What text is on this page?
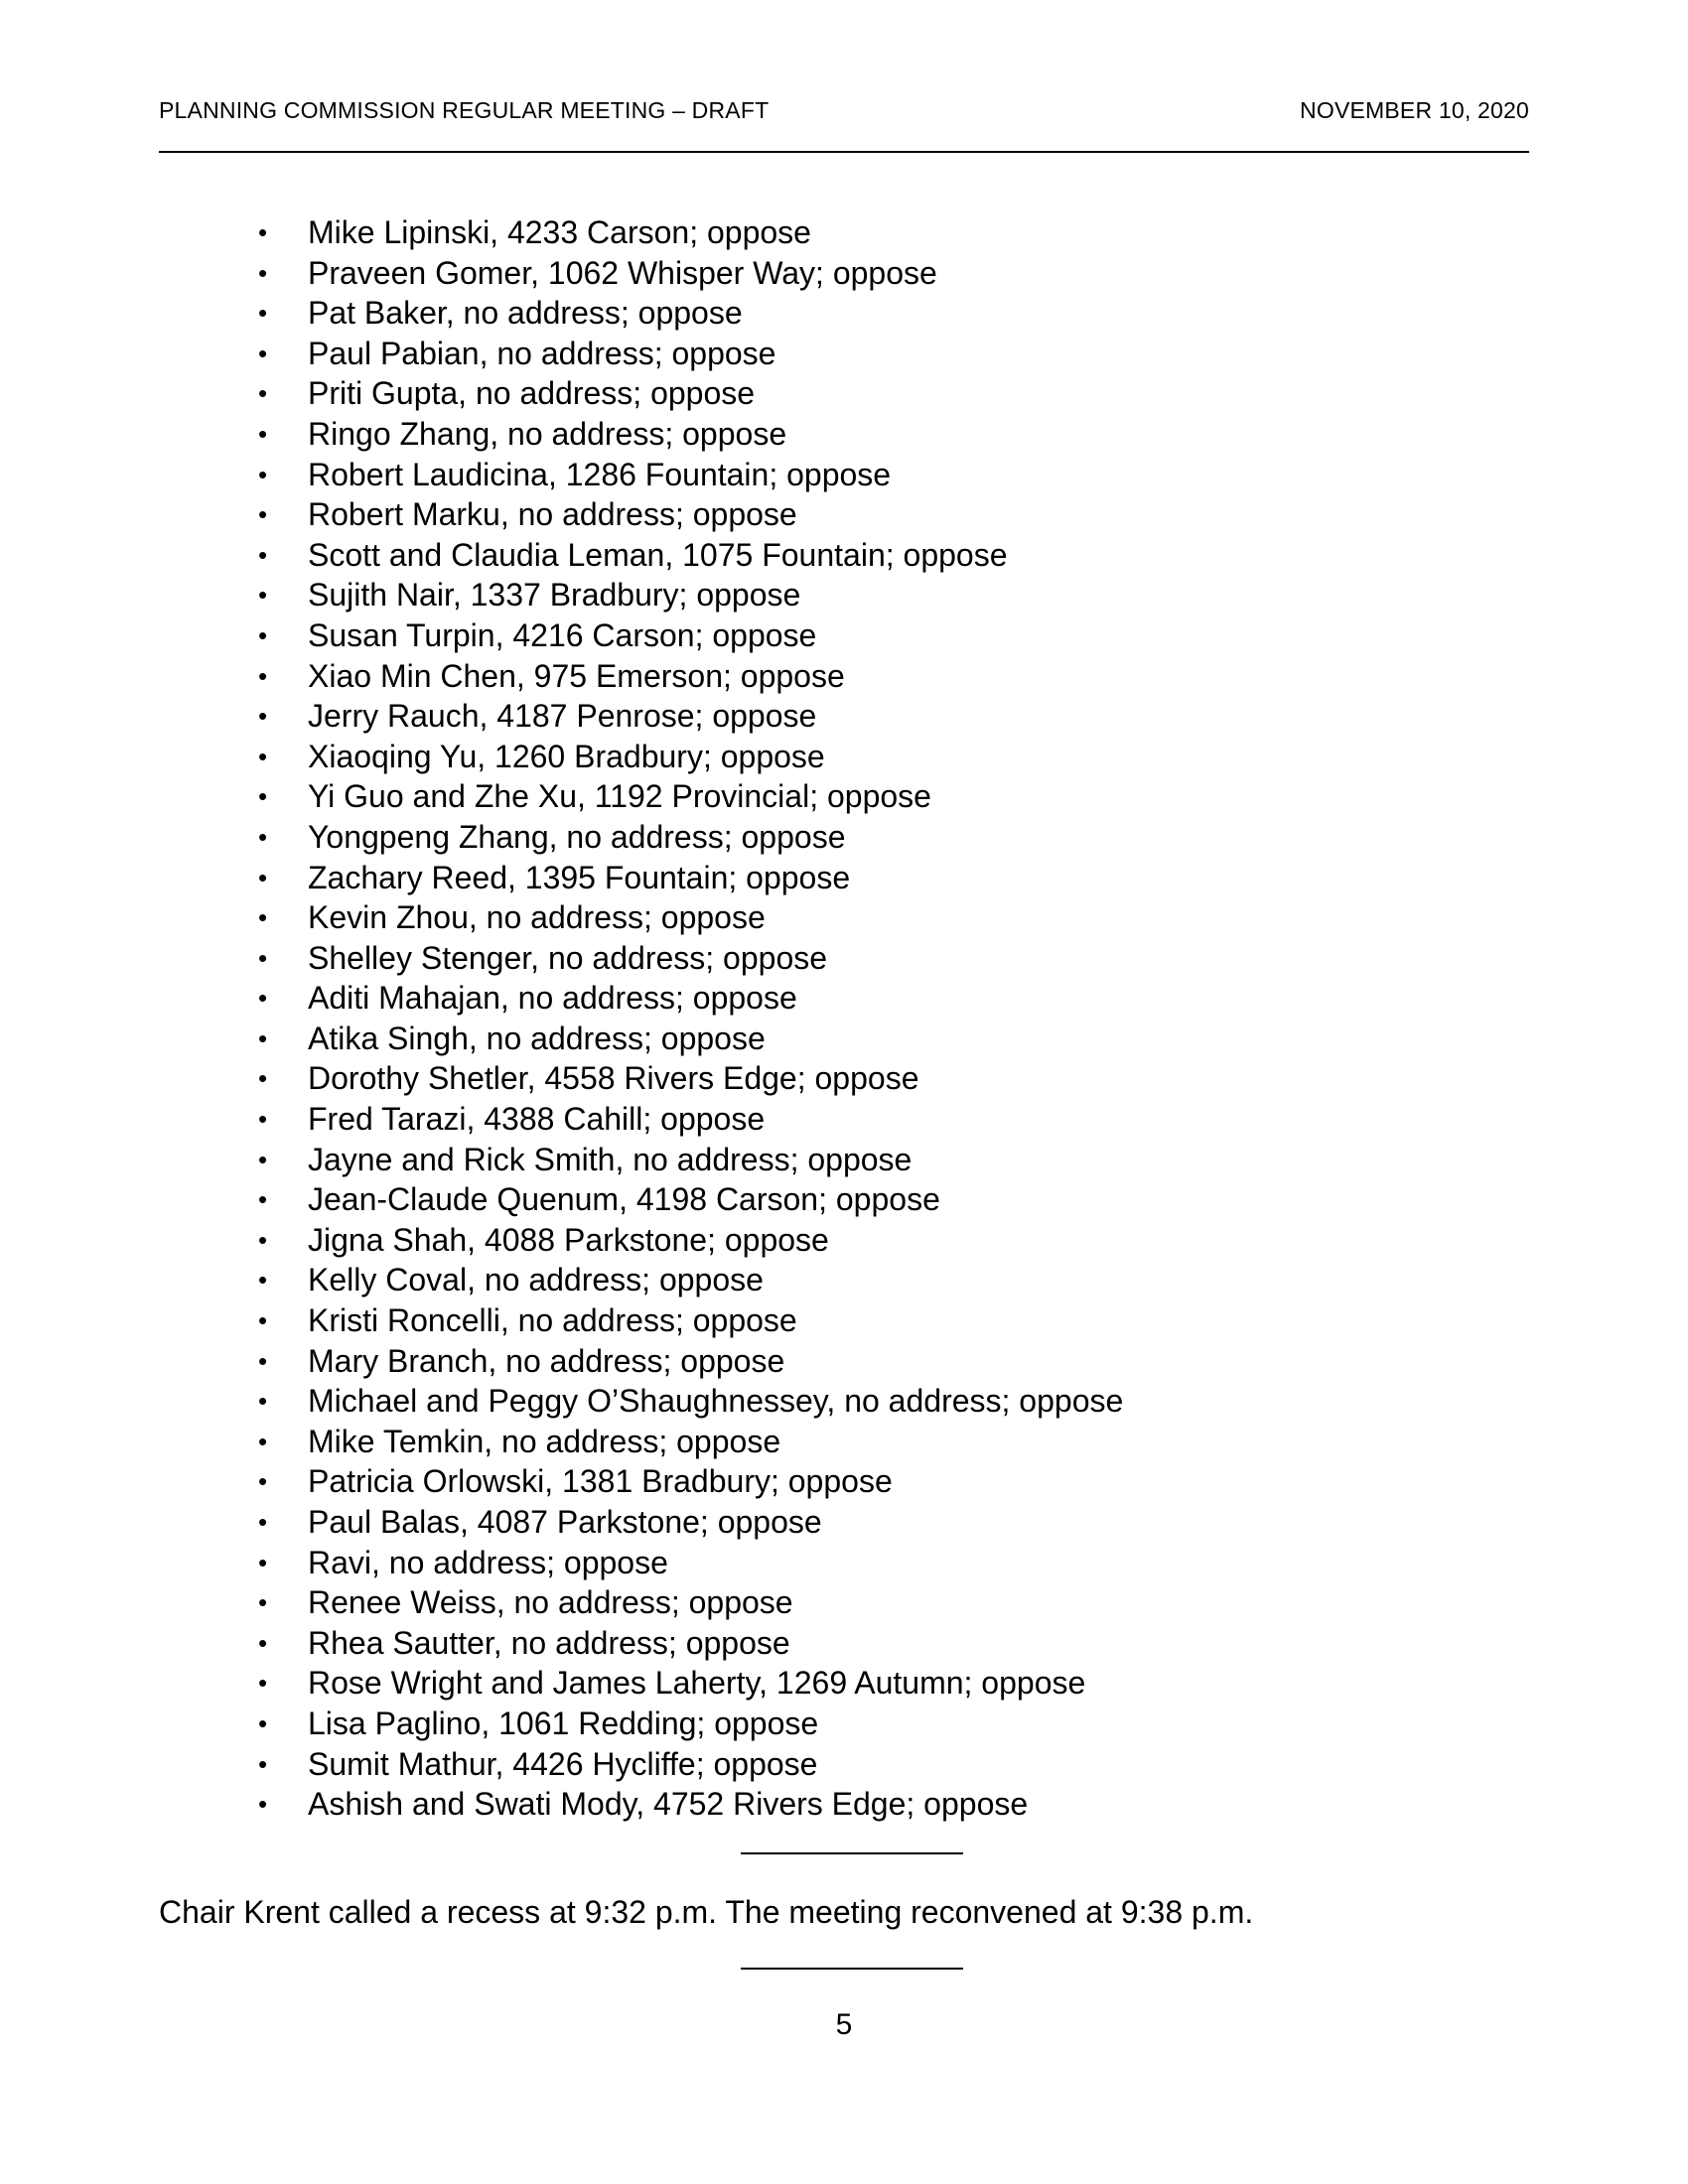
PLANNING COMMISSION REGULAR MEETING – DRAFT	NOVEMBER 10, 2020
• Mike Lipinski, 4233 Carson; oppose
• Praveen Gomer, 1062 Whisper Way; oppose
• Pat Baker, no address; oppose
• Paul Pabian, no address; oppose
• Priti Gupta, no address; oppose
• Ringo Zhang, no address; oppose
• Robert Laudicina, 1286 Fountain; oppose
• Robert Marku, no address; oppose
• Scott and Claudia Leman, 1075 Fountain; oppose
• Sujith Nair, 1337 Bradbury; oppose
• Susan Turpin, 4216 Carson; oppose
• Xiao Min Chen, 975 Emerson; oppose
• Jerry Rauch, 4187 Penrose; oppose
• Xiaoqing Yu, 1260 Bradbury; oppose
• Yi Guo and Zhe Xu, 1192 Provincial; oppose
• Yongpeng Zhang, no address; oppose
• Zachary Reed, 1395 Fountain; oppose
• Kevin Zhou, no address; oppose
• Shelley Stenger, no address; oppose
• Aditi Mahajan, no address; oppose
• Atika Singh, no address; oppose
• Dorothy Shetler, 4558 Rivers Edge; oppose
• Fred Tarazi, 4388 Cahill; oppose
• Jayne and Rick Smith, no address; oppose
• Jean-Claude Quenum, 4198 Carson; oppose
• Jigna Shah, 4088 Parkstone; oppose
• Kelly Coval, no address; oppose
• Kristi Roncelli, no address; oppose
• Mary Branch, no address; oppose
• Michael and Peggy O’Shaughnessey, no address; oppose
• Mike Temkin, no address; oppose
• Patricia Orlowski, 1381 Bradbury; oppose
• Paul Balas, 4087 Parkstone; oppose
• Ravi, no address; oppose
• Renee Weiss, no address; oppose
• Rhea Sautter, no address; oppose
• Rose Wright and James Laherty, 1269 Autumn; oppose
• Lisa Paglino, 1061 Redding; oppose
• Sumit Mathur, 4426 Hycliffe; oppose
• Ashish and Swati Mody, 4752 Rivers Edge; oppose
Chair Krent called a recess at 9:32 p.m. The meeting reconvened at 9:38 p.m.
5
